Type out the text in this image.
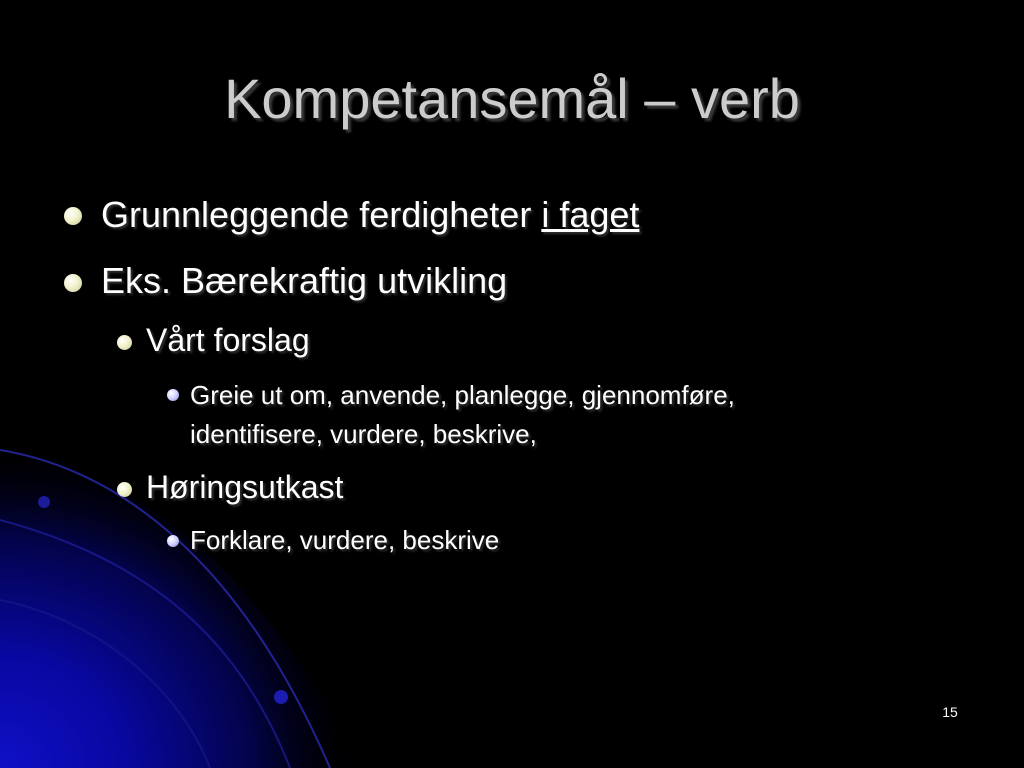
Kompetansemål – verb
Grunnleggende ferdigheter i faget
Eks. Bærekraftig utvikling
Vårt forslag
Greie ut om, anvende, planlegge, gjennomføre,
identifisere, vurdere, beskrive,
Høringsutkast
Forklare, vurdere, beskrive
15
